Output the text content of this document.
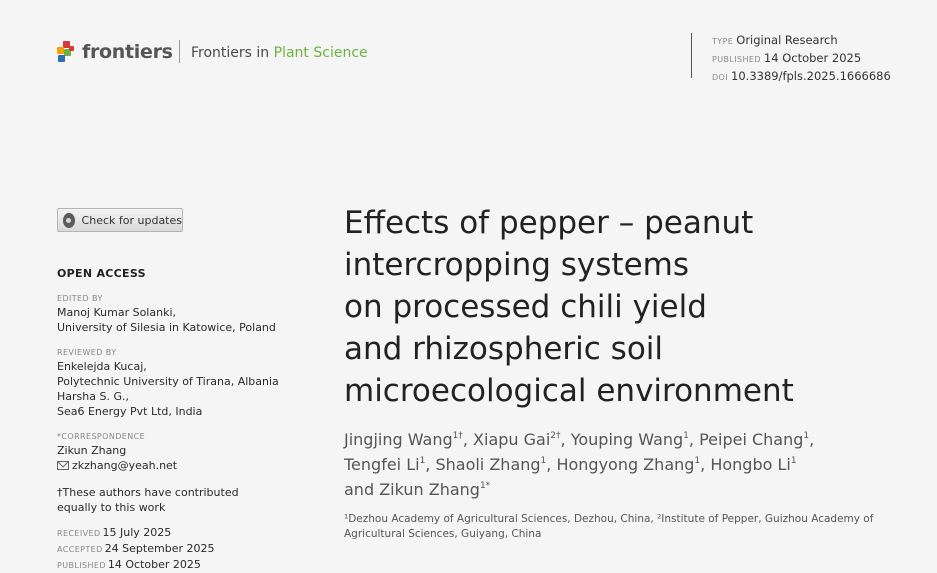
frontiers Frontiers in Plant Science
TYPE Original Research
PUBLISHED 14 October 2025
DOI 10.3389/fpls.2025.1666686
Check for updates
OPEN ACCESS
EDITED BY
Manoj Kumar Solanki,
University of Silesia in Katowice, Poland
REVIEWED BY
Enkelejda Kucaj,
Polytechnic University of Tirana, Albania
Harsha S. G.,
Sea6 Energy Pvt Ltd, India
*CORRESPONDENCE
Zikun Zhang
zkzhang@yeah.net
†These authors have contributed
equally to this work
RECEIVED 15 July 2025
ACCEPTED 24 September 2025
PUBLISHED 14 October 2025
Effects of pepper – peanut
intercropping systems
on processed chili yield
and rhizospheric soil
microecological environment
Jingjing Wang$^{1\dagger}$, Xiapu Gai$^{2\dagger}$, Youping Wang$^1$, Peipei Chang$^1$,
Tengfei Li$^1$, Shaoli Zhang$^1$, Hongyong Zhang$^1$, Hongbo Li$^1$
and Zikun Zhang$^{1*}$
¹Dezhou Academy of Agricultural Sciences, Dezhou, China, ²Institute of Pepper, Guizhou Academy of Agricultural Sciences, Guiyang, China
